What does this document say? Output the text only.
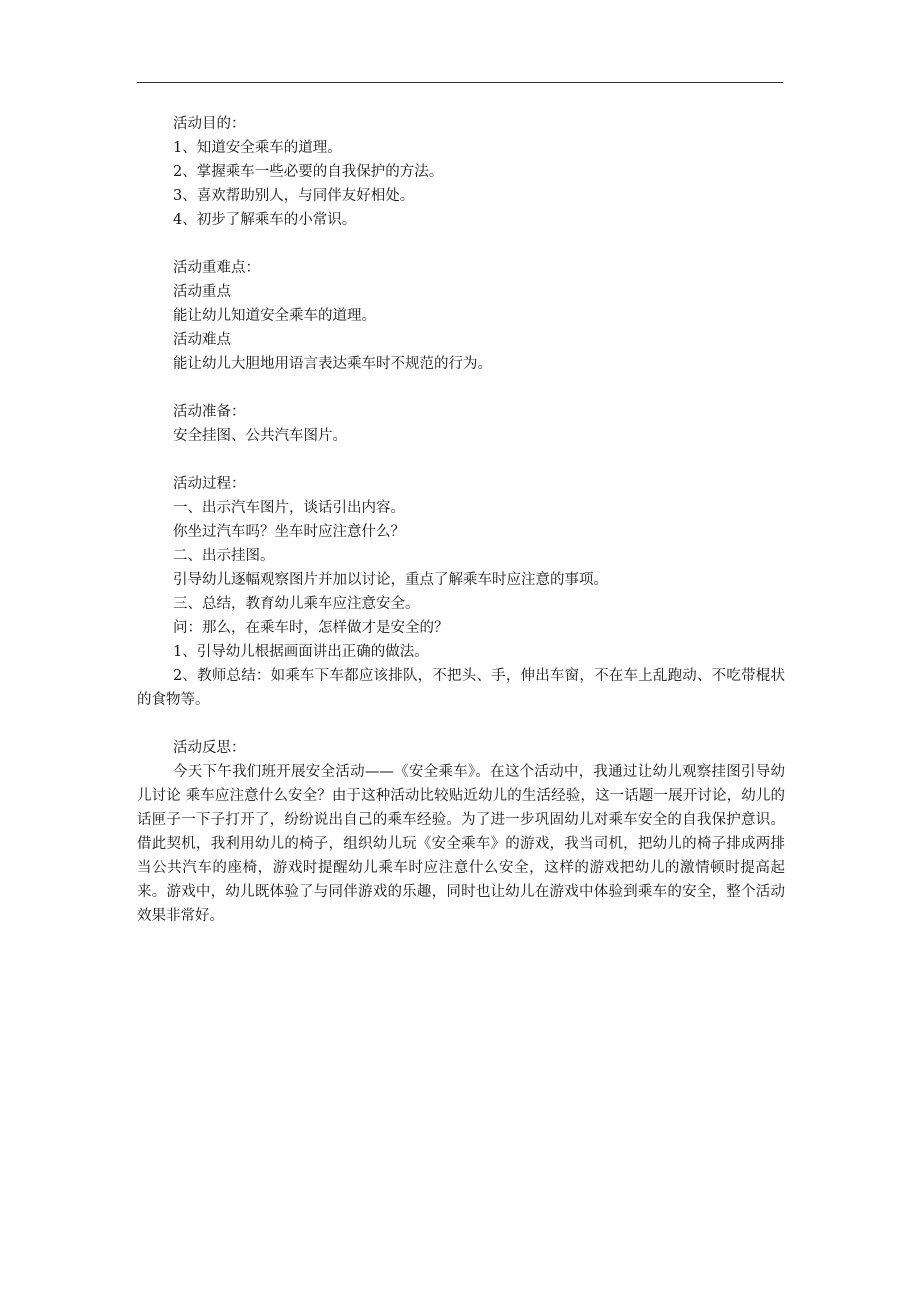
活动目的：
1、知道安全乘车的道理。
2、掌握乘车一些必要的自我保护的方法。
3、喜欢帮助别人，与同伴友好相处。
4、初步了解乘车的小常识。
活动重难点：
活动重点
能让幼儿知道安全乘车的道理。
活动难点
能让幼儿大胆地用语言表达乘车时不规范的行为。
活动准备：
安全挂图、公共汽车图片。
活动过程：
一、出示汽车图片，谈话引出内容。
你坐过汽车吗？坐车时应注意什么？
二、出示挂图。
引导幼儿逐幅观察图片并加以讨论，重点了解乘车时应注意的事项。
三、总结，教育幼儿乘车应注意安全。
问：那么，在乘车时，怎样做才是安全的？
1、引导幼儿根据画面讲出正确的做法。
2、教师总结：如乘车下车都应该排队，不把头、手，伸出车窗，不在车上乱跑动、不吃带棍状的食物等。
活动反思：
今天下午我们班开展安全活动——《安全乘车》。在这个活动中，我通过让幼儿观察挂图引导幼儿讨论 乘车应注意什么安全？由于这种活动比较贴近幼儿的生活经验，这一话题一展开讨论，幼儿的话匣子一下子打开了，纷纷说出自己的乘车经验。为了进一步巩固幼儿对乘车安全的自我保护意识。借此契机，我利用幼儿的椅子，组织幼儿玩《安全乘车》的游戏，我当司机，把幼儿的椅子排成两排当公共汽车的座椅，游戏时提醒幼儿乘车时应注意什么安全，这样的游戏把幼儿的激情顿时提高起来。游戏中，幼儿既体验了与同伴游戏的乐趣，同时也让幼儿在游戏中体验到乘车的安全，整个活动效果非常好。
